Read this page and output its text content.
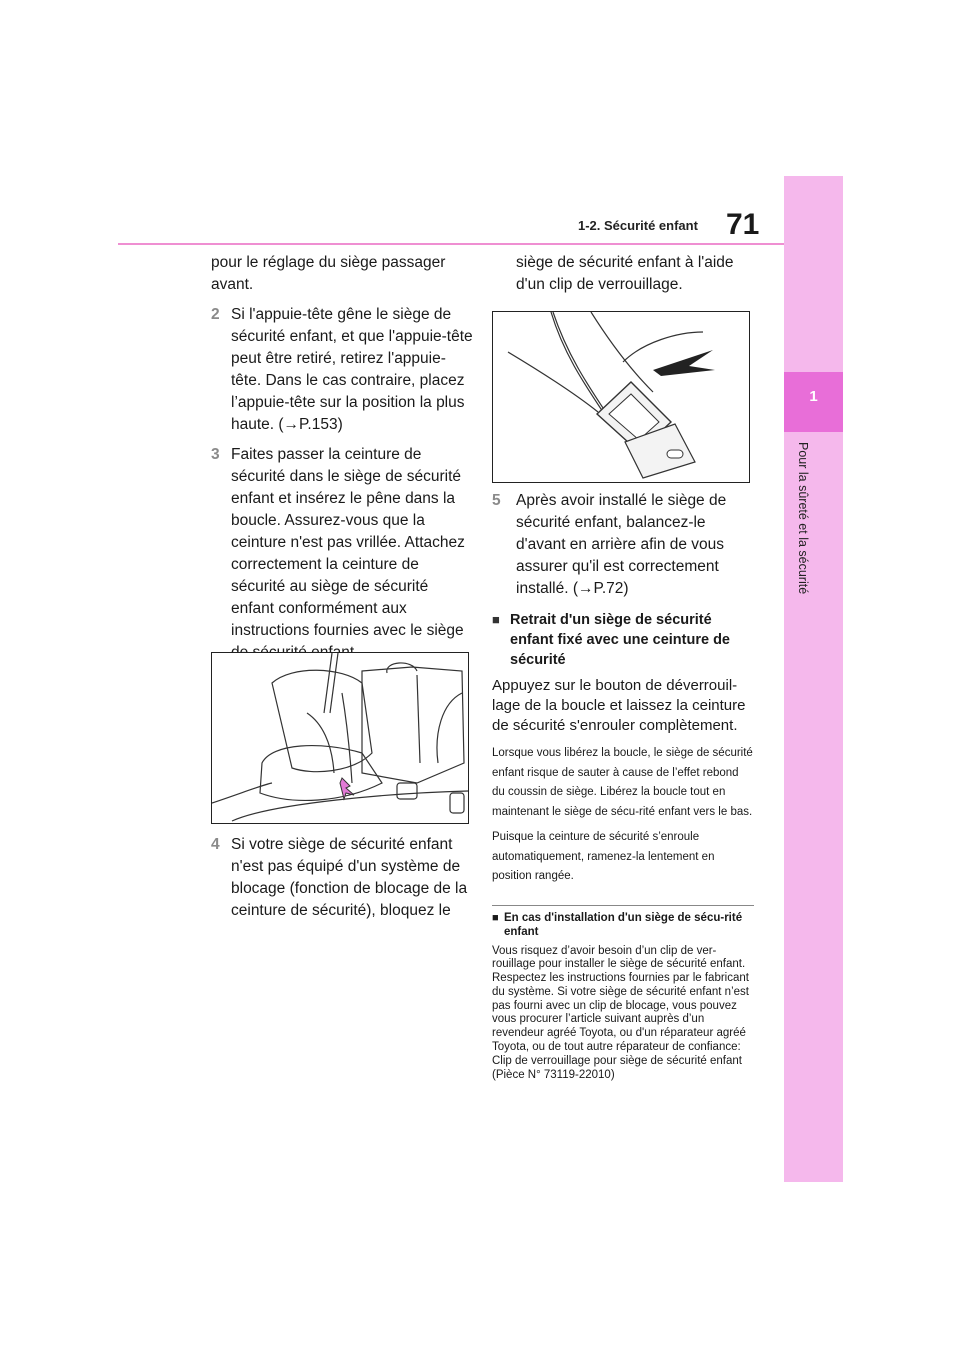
1-2. Sécurité enfant 71
1
Pour la sûreté et la sécurité

pour le réglage du siège passager avant.

2 Si l'appuie-tête gêne le siège de sécurité enfant, et que l'appuie-tête peut être retiré, retirez l'appuie-tête. Dans le cas contraire, placez l’appuie-tête sur la position la plus haute. (→P.153)
3 Faites passer la ceinture de sécurité dans le siège de sécurité enfant et insérez le pêne dans la boucle. Assurez-vous que la ceinture n'est pas vrillée. Attachez correctement la ceinture de sécurité au siège de sécurité enfant conformément aux instructions fournies avec le siège
4 Si votre siège de sécurité enfant n'est pas équipé d'un système de blocage (fonction de blocage de la ceinture de sécurité), bloquez le

siège de sécurité enfant à l'aide d'un clip de verrouillage.

5 Après avoir installé le siège de sécurité enfant, balancez-le d'avant en arrière afin de vous assurer qu'il est correctement installé. (→P.72)
■ Retrait d'un siège de sécurité enfant fixé avec une ceinture de sécurité

Appuyez sur le bouton de déverrouil-lage de la boucle et laissez la ceinture de sécurité s'enrouler complètement.

Lorsque vous libérez la boucle, le siège de sécurité enfant risque de sauter à cause de l’effet rebond du coussin de siège. Libérez la boucle tout en maintenant le siège de sécu-rité enfant vers le bas.

Puisque la ceinture de sécurité s’enroule automatiquement, ramenez-la lentement en position rangée.

■ En cas d'installation d'un siège de sécu-rité enfant

Vous risquez d’avoir besoin d’un clip de ver-rouillage pour installer le siège de sécurité enfant. Respectez les instructions fournies par le fabricant du système. Si votre siège de sécurité enfant n’est pas fourni avec un clip de blocage, vous pouvez vous procurer l’article suivant auprès d’un revendeur agréé Toyota, ou d'un réparateur agréé Toyota, ou de tout autre réparateur de confiance: Clip de verrouillage pour siège de sécurité enfant (Pièce N° 73119-22010)
